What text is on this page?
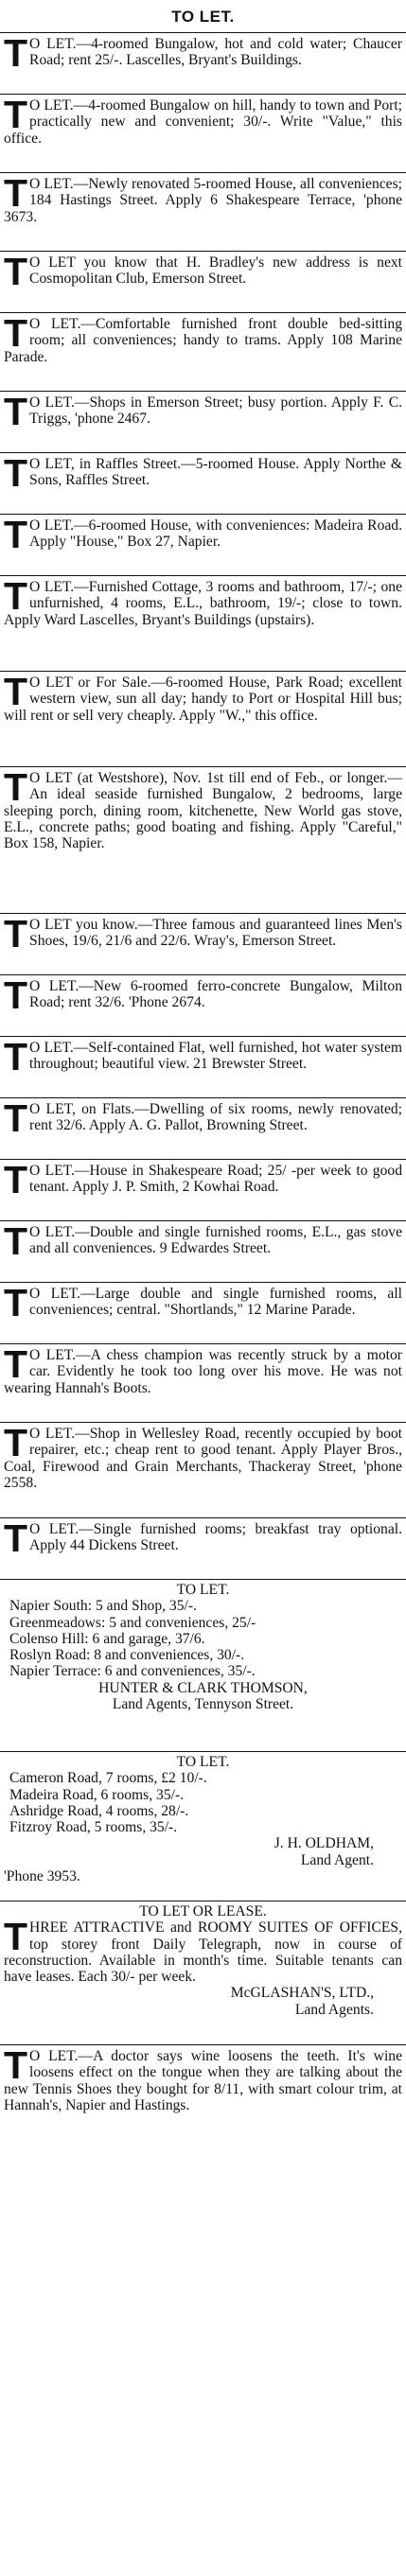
TO LET.

T O LET.—4-roomed Bungalow, hot and cold water; Chaucer Road; rent 25/-. Lascelles, Bryant's Buildings.

T O LET.—4-roomed Bungalow on hill, handy to town and Port; practically new and convenient; 30/-. Write "Value," this office.

T O LET.—Newly renovated 5-roomed House, all conveniences; 184 Hastings Street. Apply 6 Shakespeare Terrace, 'phone 3673.

T O LET you know that H. Bradley's new address is next Cosmopolitan Club, Emerson Street.

T O LET.—Comfortable furnished front double bed-sitting room; all conveniences; handy to trams. Apply 108 Marine Parade.

T O LET.—Shops in Emerson Street; busy portion. Apply F. C. Triggs, 'phone 2467.

T O LET, in Raffles Street.—5-roomed House. Apply Northe & Sons, Raffles Street.

T O LET.—6-roomed House, with conveniences: Madeira Road. Apply "House," Box 27, Napier.

T O LET.—Furnished Cottage, 3 rooms and bathroom, 17/-; one unfurnished, 4 rooms, E.L., bathroom, 19/-; close to town. Apply Ward Lascelles, Bryant's Buildings (upstairs).

T O LET or For Sale.—6-roomed House, Park Road; excellent western view, sun all day; handy to Port or Hospital Hill bus; will rent or sell very cheaply. Apply "W.," this office.

T O LET (at Westshore), Nov. 1st till end of Feb., or longer.—An ideal seaside furnished Bungalow, 2 bedrooms, large sleeping porch, dining room, kitchenette, New World gas stove, E.L., concrete paths; good boating and fishing. Apply "Careful," Box 158, Napier.

T O LET you know.—Three famous and guaranteed lines Men's Shoes, 19/6, 21/6 and 22/6. Wray's, Emerson Street.

T O LET.—New 6-roomed ferro-concrete Bungalow, Milton Road; rent 32/6. 'Phone 2674.

T O LET.—Self-contained Flat, well furnished, hot water system throughout; beautiful view. 21 Brewster Street.

T O LET, on Flats.—Dwelling of six rooms, newly renovated; rent 32/6. Apply A. G. Pallot, Browning Street.

T O LET.—House in Shakespeare Road; 25/ -per week to good tenant. Apply J. P. Smith, 2 Kowhai Road.

T O LET.—Double and single furnished rooms, E.L., gas stove and all conveniences. 9 Edwardes Street.

T O LET.—Large double and single furnished rooms, all conveniences; central. "Shortlands," 12 Marine Parade.

T O LET.—A chess champion was recently struck by a motor car. Evidently he took too long over his move. He was not wearing Hannah's Boots.

T O LET.—Shop in Wellesley Road, recently occupied by boot repairer, etc.; cheap rent to good tenant. Apply Player Bros., Coal, Firewood and Grain Merchants, Thackeray Street, 'phone 2558.

T O LET.—Single furnished rooms; breakfast tray optional. Apply 44 Dickens Street.

TO LET.

Napier South: 5 and Shop, 35/-.

Greenmeadows: 5 and conveniences, 25/-

Colenso Hill: 6 and garage, 37/6.

Roslyn Road: 8 and conveniences, 30/-.

Napier Terrace: 6 and conveniences, 35/-.

HUNTER & CLARK THOMSON,

Land Agents, Tennyson Street.

TO LET.

Cameron Road, 7 rooms, £2 10/-.

Madeira Road, 6 rooms, 35/-.

Ashridge Road, 4 rooms, 28/-.

Fitzroy Road, 5 rooms, 35/-.

J. H. OLDHAM,

Land Agent.

'Phone 3953.

TO LET OR LEASE.

THREE ATTRACTIVE and ROOMY SUITES OF OFFICES, top storey front Daily Telegraph, now in course of reconstruction. Available in month's time. Suitable tenants can have leases. Each 30/- per week.

McGLASHAN'S, LTD.,

Land Agents.

T O LET.—A doctor says wine loosens the teeth. It's wine loosens effect on the tongue when they are talking about the new Tennis Shoes they bought for 8/11, with smart colour trim, at Hannah's, Napier and Hastings.
